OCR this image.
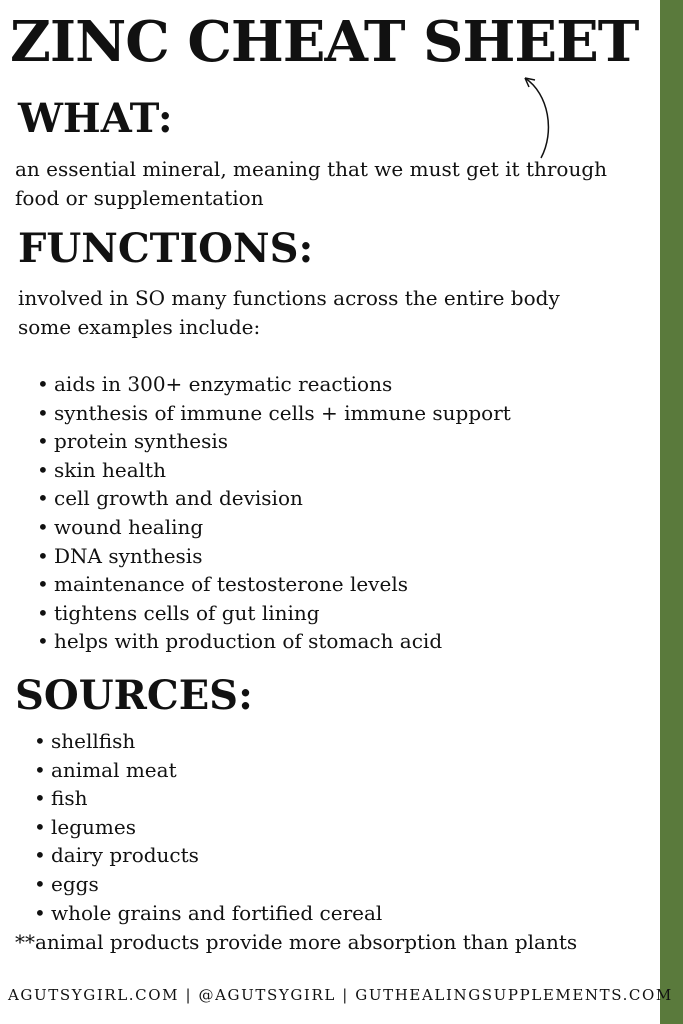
ZINC CHEAT SHEET
WHAT:

an essential mineral, meaning that we must get it through food or supplementation

FUNCTIONS:

involved in SO many functions across the entire body

some examples include:

• aids in 300+ enzymatic reactions
• synthesis of immune cells + immune support
• protein synthesis
• skin health
• cell growth and devision
• wound healing
• DNA synthesis
• maintenance of testosterone levels
• tightens cells of gut lining
• helps with production of stomach acid
SOURCES:
• shellfish
• animal meat
• fish
• legumes
• dairy products
• eggs
• whole grains and fortified cereal

**animal products provide more absorption than plants

AGUTSYGIRL.COM | @AGUTSYGIRL | GUTHEALINGSUPPLEMENTS.COM
